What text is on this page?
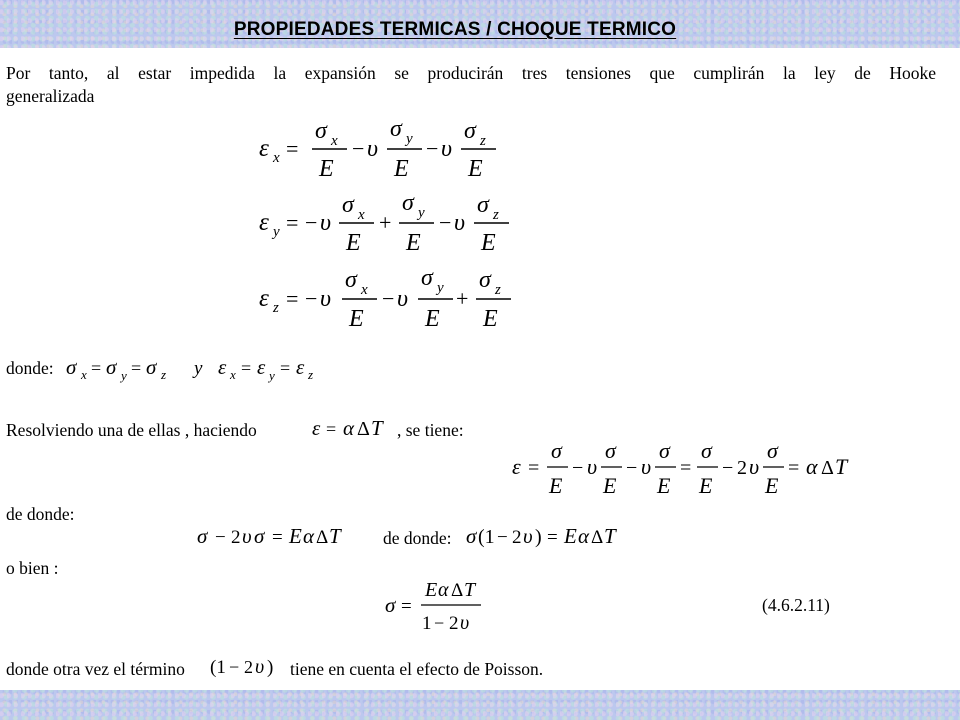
PROPIEDADES TERMICAS / CHOQUE TERMICO
Por tanto, al estar impedida la expansión se producirán tres tensiones que cumplirán la ley de Hooke
generalizada
ε x =
σ x
E
− υ
σ y
E
− υ
σ z
E
ε y = − υ
σ x
E
+
σ y
E
− υ
σ z
E
ε z = − υ
σ x
E
− υ
σ y
E
+
σ z
E
donde: σ x = σ y = σ z y ε x = ε y = ε z
Resolviendo una de ellas , haciendo	ε = α Δ T , se tiene:
ε =
σ
E
− υ
σ
E
− υ
σ
E
=
σ
E
− 2 υ
σ
E
= α Δ T
de donde:
σ − 2 υ σ = E α Δ T de donde: σ (1 − 2 υ ) = E α Δ T
o bien :
σ =
E α Δ T
1 − 2 υ
(4.6.2.11)
donde otra vez el término (1 − 2 υ ) tiene en cuenta el efecto de Poisson.
